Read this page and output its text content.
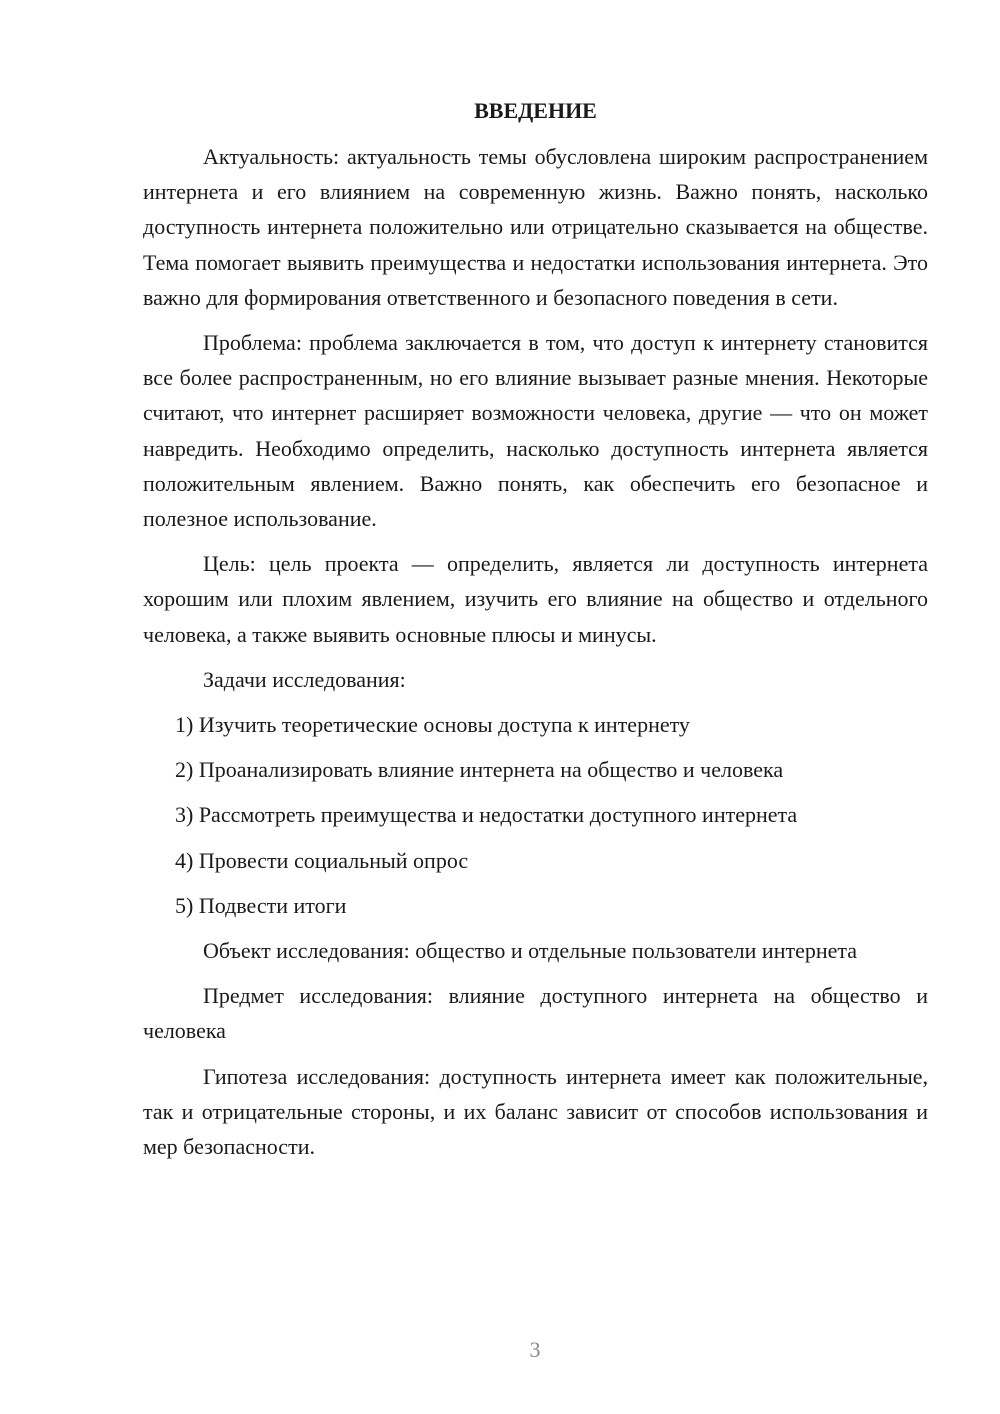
ВВЕДЕНИЕ

Актуальность: актуальность темы обусловлена широким распространением интернета и его влиянием на современную жизнь. Важно понять, насколько доступность интернета положительно или отрицательно сказывается на обществе. Тема помогает выявить преимущества и недостатки использования интернета. Это важно для формирования ответственного и безопасного поведения в сети.

Проблема: проблема заключается в том, что доступ к интернету становится все более распространенным, но его влияние вызывает разные мнения. Некоторые считают, что интернет расширяет возможности человека, другие — что он может навредить. Необходимо определить, насколько доступность интернета является положительным явлением. Важно понять, как обеспечить его безопасное и полезное использование.

Цель: цель проекта — определить, является ли доступность интернета хорошим или плохим явлением, изучить его влияние на общество и отдельного человека, а также выявить основные плюсы и минусы.

Задачи исследования:
1) Изучить теоретические основы доступа к интернету
2) Проанализировать влияние интернета на общество и человека
3) Рассмотреть преимущества и недостатки доступного интернета
4) Провести социальный опрос
5) Подвести итоги

Объект исследования: общество и отдельные пользователи интернета

Предмет исследования: влияние доступного интернета на общество и человека

Гипотеза исследования: доступность интернета имеет как положительные, так и отрицательные стороны, и их баланс зависит от способов использования и мер безопасности.

3
